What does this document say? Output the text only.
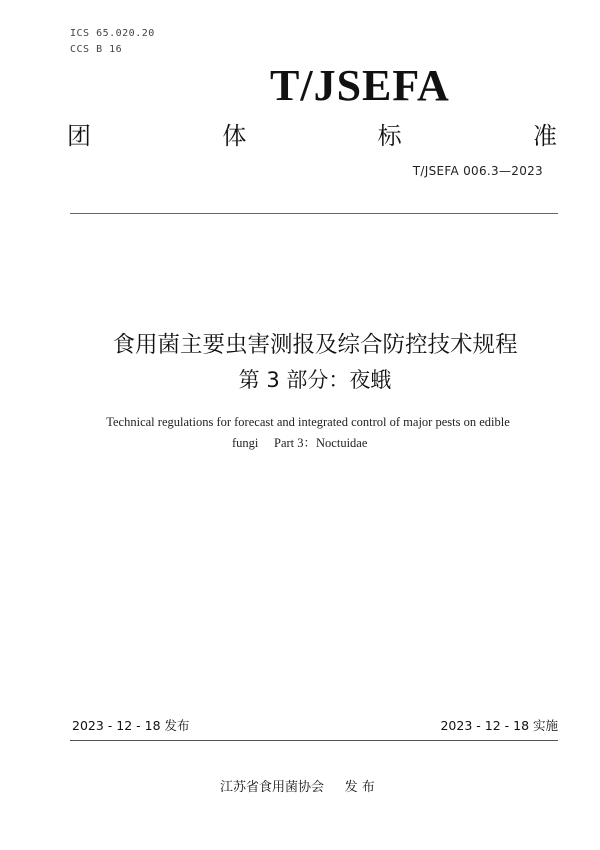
ICS 65.020.20
CCS B 16
T/JSEFA
团	体	标	准
T/JSEFA 006.3—2023
食用菌主要虫害测报及综合防控技术规程
第 3 部分：夜蛾
Technical regulations for forecast and integrated control of major pests on edible
fungi     Part 3：Noctuidae
2023 - 12 - 18 发布	2023 - 12 - 18 实施
江苏省食用菌协会     发 布
